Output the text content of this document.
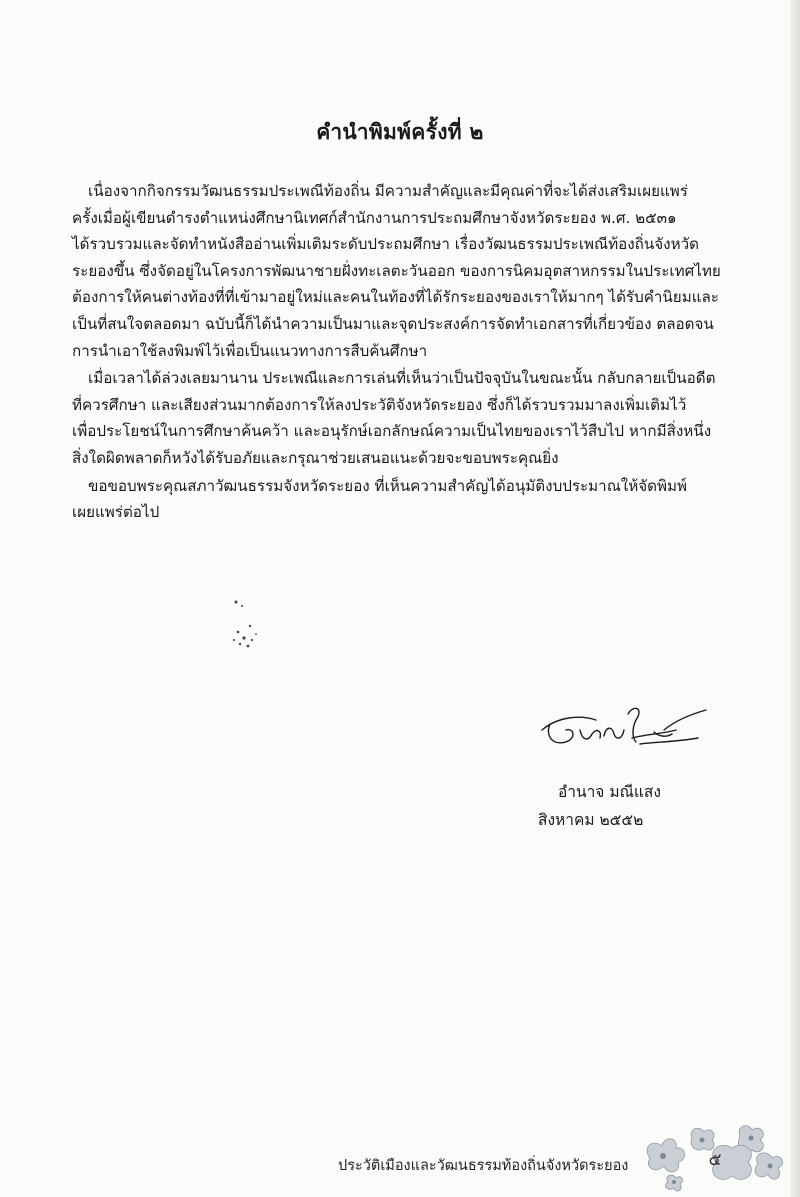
คำนำพิมพ์ครั้งที่ ๒

เนื่องจากกิจกรรมวัฒนธรรมประเพณีท้องถิ่น มีความสำคัญและมีคุณค่าที่จะได้ส่งเสริมเผยแพร่
ครั้งเมื่อผู้เขียนดำรงตำแหน่งศึกษานิเทศก์สำนักงานการประถมศึกษาจังหวัดระยอง พ.ศ. ๒๕๓๑
ได้รวบรวมและจัดทำหนังสืออ่านเพิ่มเติมระดับประถมศึกษา เรื่องวัฒนธรรมประเพณีท้องถิ่นจังหวัด
ระยองขึ้น ซึ่งจัดอยู่ในโครงการพัฒนาชายฝั่งทะเลตะวันออก ของการนิคมอุตสาหกรรมในประเทศไทย
ต้องการให้คนต่างท้องที่ที่เข้ามาอยู่ใหม่และคนในท้องที่ได้รักระยองของเราให้มากๆ ได้รับคำนิยมและ
เป็นที่สนใจตลอดมา ฉบับนี้ก็ได้นำความเป็นมาและจุดประสงค์การจัดทำเอกสารที่เกี่ยวข้อง ตลอดจน
การนำเอาใช้ลงพิมพ์ไว้เพื่อเป็นแนวทางการสืบค้นศึกษา

เมื่อเวลาได้ล่วงเลยมานาน ประเพณีและการเล่นที่เห็นว่าเป็นปัจจุบันในขณะนั้น กลับกลายเป็นอดีต
ที่ควรศึกษา และเสียงส่วนมากต้องการให้ลงประวัติจังหวัดระยอง ซึ่งก็ได้รวบรวมมาลงเพิ่มเติมไว้
เพื่อประโยชน์ในการศึกษาค้นคว้า และอนุรักษ์เอกลักษณ์ความเป็นไทยของเราไว้สืบไป หากมีสิ่งหนึ่ง
สิ่งใดผิดพลาดก็หวังได้รับอภัยและกรุณาช่วยเสนอแนะด้วยจะขอบพระคุณยิ่ง

ขอขอบพระคุณสภาวัฒนธรรมจังหวัดระยอง ที่เห็นความสำคัญได้อนุมัติงบประมาณให้จัดพิมพ์
เผยแพร่ต่อไป

อำนาจ มณีแสง
สิงหาคม ๒๕๕๒
ประวัติเมืองและวัฒนธรรมท้องถิ่นจังหวัดระยอง	๕
